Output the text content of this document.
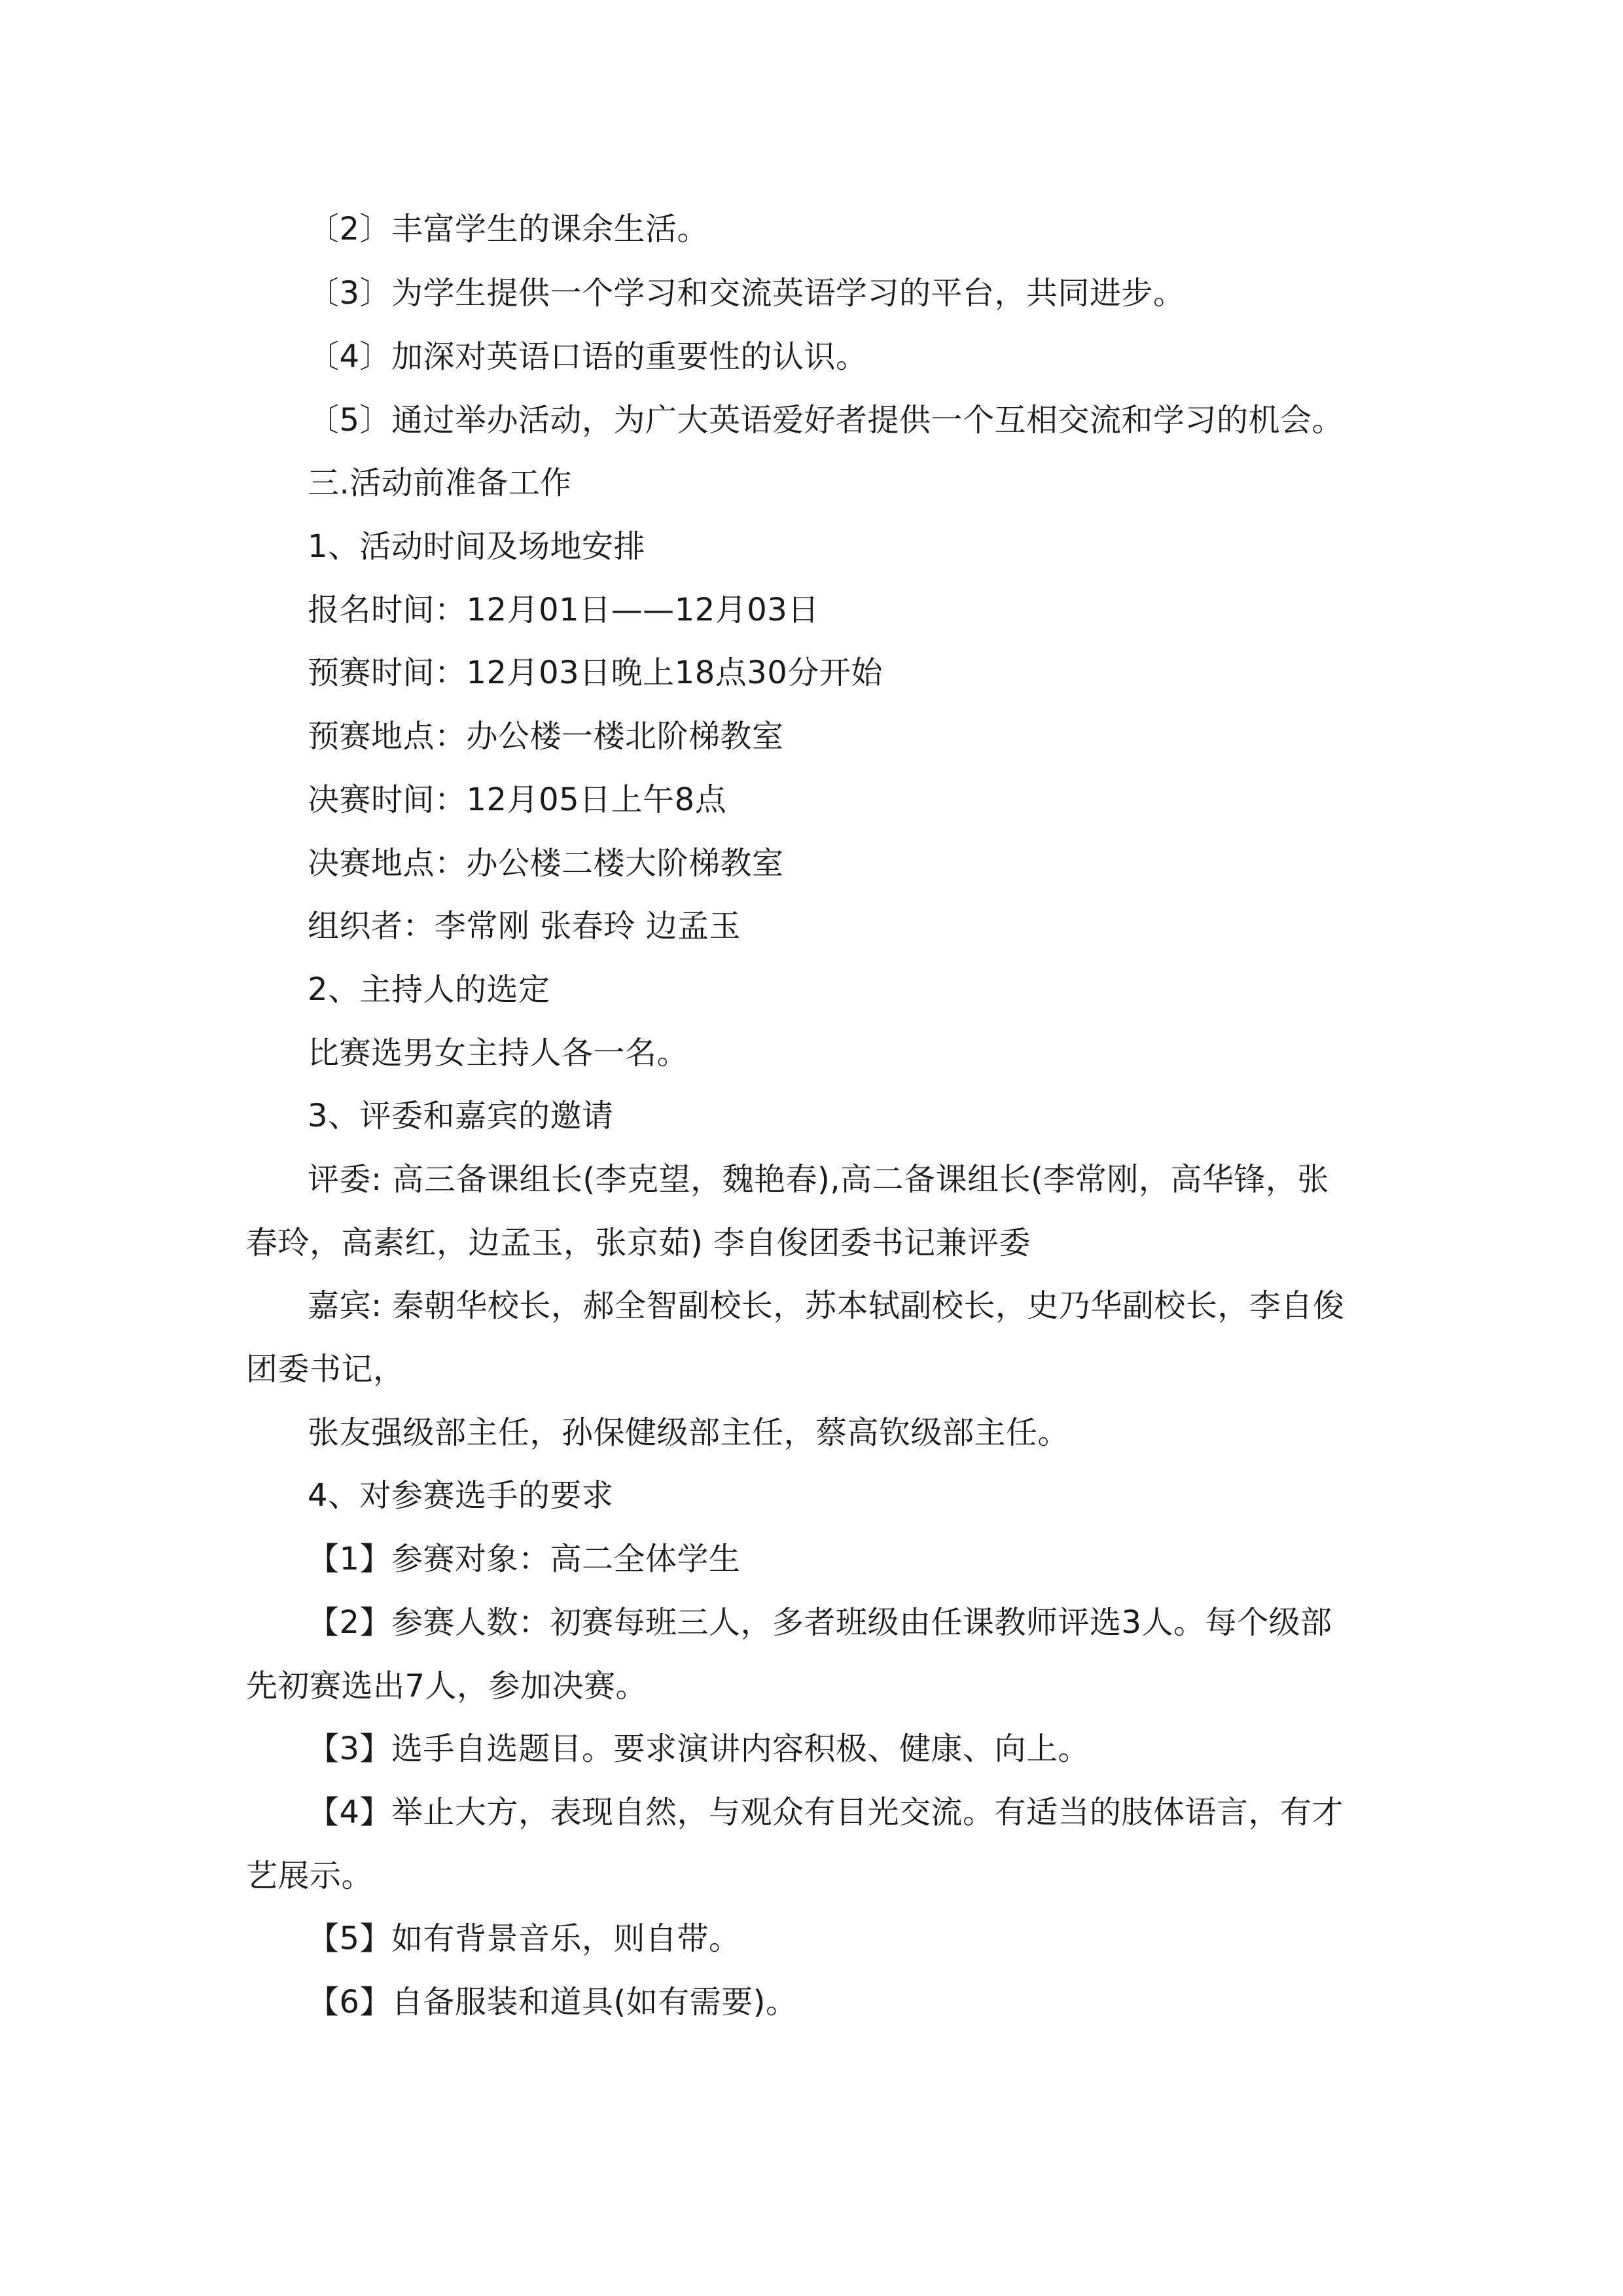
〔2〕丰富学生的课余生活。
〔3〕为学生提供一个学习和交流英语学习的平台，共同进步。
〔4〕加深对英语口语的重要性的认识。
〔5〕通过举办活动，为广大英语爱好者提供一个互相交流和学习的机会。
三.活动前准备工作
1、活动时间及场地安排
报名时间：12月01日——12月03日
预赛时间：12月03日晚上18点30分开始
预赛地点：办公楼一楼北阶梯教室
决赛时间：12月05日上午8点
决赛地点：办公楼二楼大阶梯教室
组织者：李常刚 张春玲 边孟玉
2、主持人的选定
比赛选男女主持人各一名。
3、评委和嘉宾的邀请
评委: 高三备课组长(李克望，魏艳春),高二备课组长(李常刚，高华锋，张
春玲，高素红，边孟玉，张京茹) 李自俊团委书记兼评委
嘉宾: 秦朝华校长，郝全智副校长，苏本轼副校长，史乃华副校长，李自俊
团委书记，
张友强级部主任，孙保健级部主任，蔡高钦级部主任。
4、对参赛选手的要求
【1】参赛对象：高二全体学生
【2】参赛人数：初赛每班三人，多者班级由任课教师评选3人。每个级部
先初赛选出7人，参加决赛。
【3】选手自选题目。要求演讲内容积极、健康、向上。
【4】举止大方，表现自然，与观众有目光交流。有适当的肢体语言，有才
艺展示。
【5】如有背景音乐，则自带。
【6】自备服装和道具(如有需要)。
